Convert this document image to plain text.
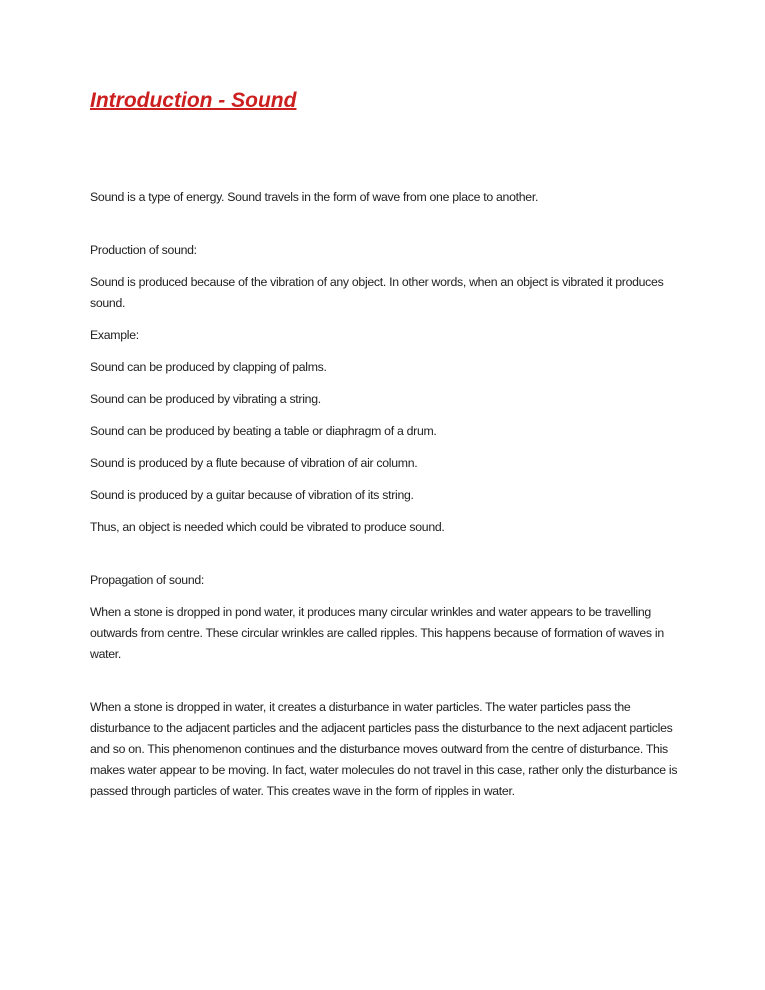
Introduction - Sound

Sound is a type of energy. Sound travels in the form of wave from one place to another.

Production of sound:

Sound is produced because of the vibration of any object. In other words, when an object is vibrated it produces sound.

Example:

Sound can be produced by clapping of palms.

Sound can be produced by vibrating a string.

Sound can be produced by beating a table or diaphragm of a drum.

Sound is produced by a flute because of vibration of air column.

Sound is produced by a guitar because of vibration of its string.

Thus, an object is needed which could be vibrated to produce sound.

Propagation of sound:

When a stone is dropped in pond water, it produces many circular wrinkles and water appears to be travelling outwards from centre. These circular wrinkles are called ripples. This happens because of formation of waves in water.

When a stone is dropped in water, it creates a disturbance in water particles. The water particles pass the disturbance to the adjacent particles and the adjacent particles pass the disturbance to the next adjacent particles and so on. This phenomenon continues and the disturbance moves outward from the centre of disturbance. This makes water appear to be moving. In fact, water molecules do not travel in this case, rather only the disturbance is passed through particles of water. This creates wave in the form of ripples in water.
